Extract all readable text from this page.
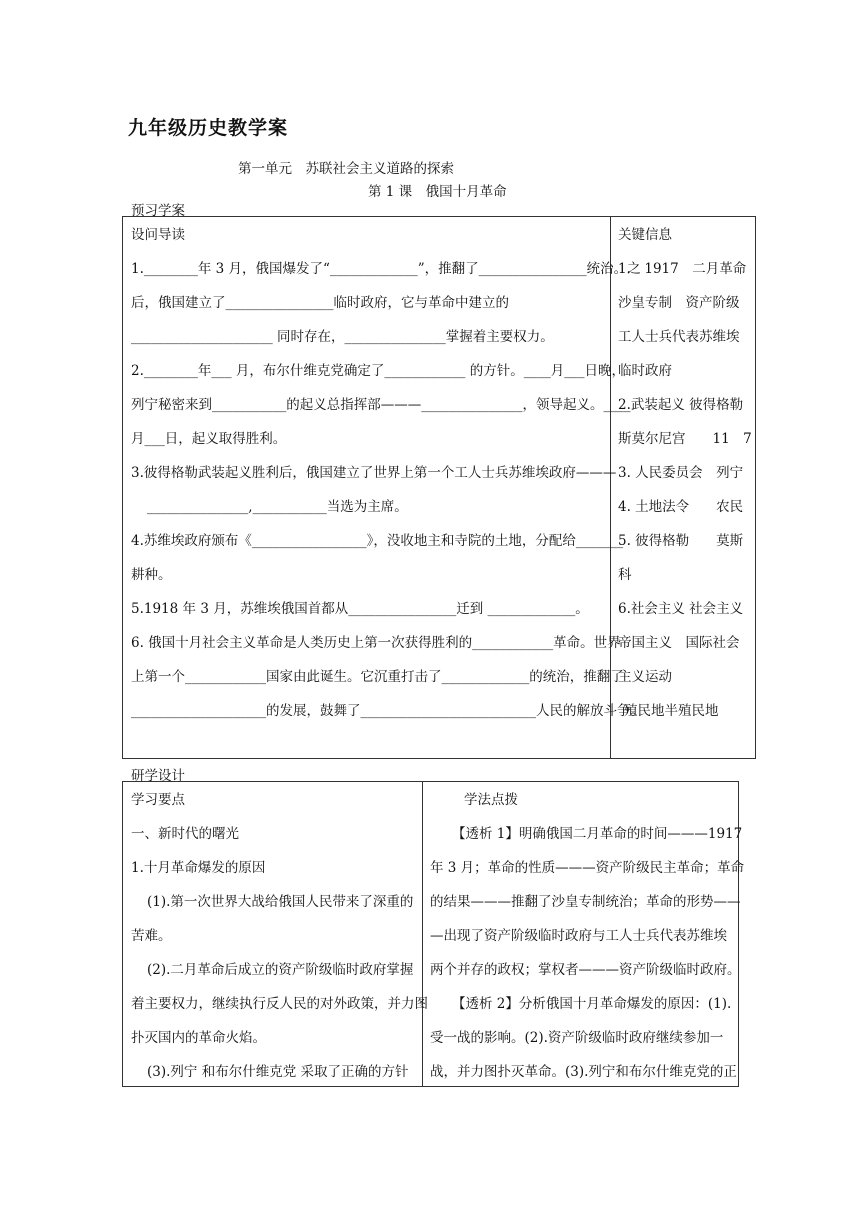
九年级历史教学案
第一单元　苏联社会主义道路的探索
第 1 课　俄国十月革命
预习学案

设问导读

1.________年 3 月，俄国爆发了“_____________”，推翻了________________统治。之

后，俄国建立了________________临时政府，它与革命中建立的

_____________________ 同时存在，_______________掌握着主要权力。

2.________年___ 月，布尔什维克党确定了____________ 的方针。____月___日晚，

列宁秘密来到___________的起义总指挥部———_______________，领导起义。____

月___日，起义取得胜利。

3.彼得格勒武装起义胜利后，俄国建立了世界上第一个工人士兵苏维埃政府———

_______________,___________当选为主席。

4.苏维埃政府颁布《_________________》，没收地主和寺院的土地，分配给_______

耕种。

5.1918 年 3 月，苏维埃俄国首都从________________迁到 _____________。

6. 俄国十月社会主义革命是人类历史上第一次获得胜利的____________革命。世界

上第一个____________国家由此诞生。它沉重打击了_____________的统治，推翻了

____________________的发展，鼓舞了__________________________人民的解放斗争。

关键信息

1.　1917　二月革命

沙皇专制　资产阶级

工人士兵代表苏维埃

临时政府

2.武装起义 彼得格勒

斯莫尔尼宫　　11　7

3. 人民委员会　列宁

4. 土地法令　　农民

5. 彼得格勒　　莫斯

科

6.社会主义 社会主义

帝国主义　国际社会

主义运动

殖民地半殖民地

研学设计

学习要点

一、新时代的曙光

1.十月革命爆发的原因

(1).第一次世界大战给俄国人民带来了深重的

苦难。

(2).二月革命后成立的资产阶级临时政府掌握

着主要权力，继续执行反人民的对外政策，并力图

扑灭国内的革命火焰。

(3).列宁 和布尔什维克党 采取了正确的方针

学法点拨

【透析 1】明确俄国二月革命的时间———1917

年 3 月；革命的性质———资产阶级民主革命；革命

的结果———推翻了沙皇专制统治；革命的形势——

—出现了资产阶级临时政府与工人士兵代表苏维埃

两个并存的政权；掌权者———资产阶级临时政府。

【透析 2】分析俄国十月革命爆发的原因：(1).

受一战的影响。(2).资产阶级临时政府继续参加一

战，并力图扑灭革命。(3).列宁和布尔什维克党的正
